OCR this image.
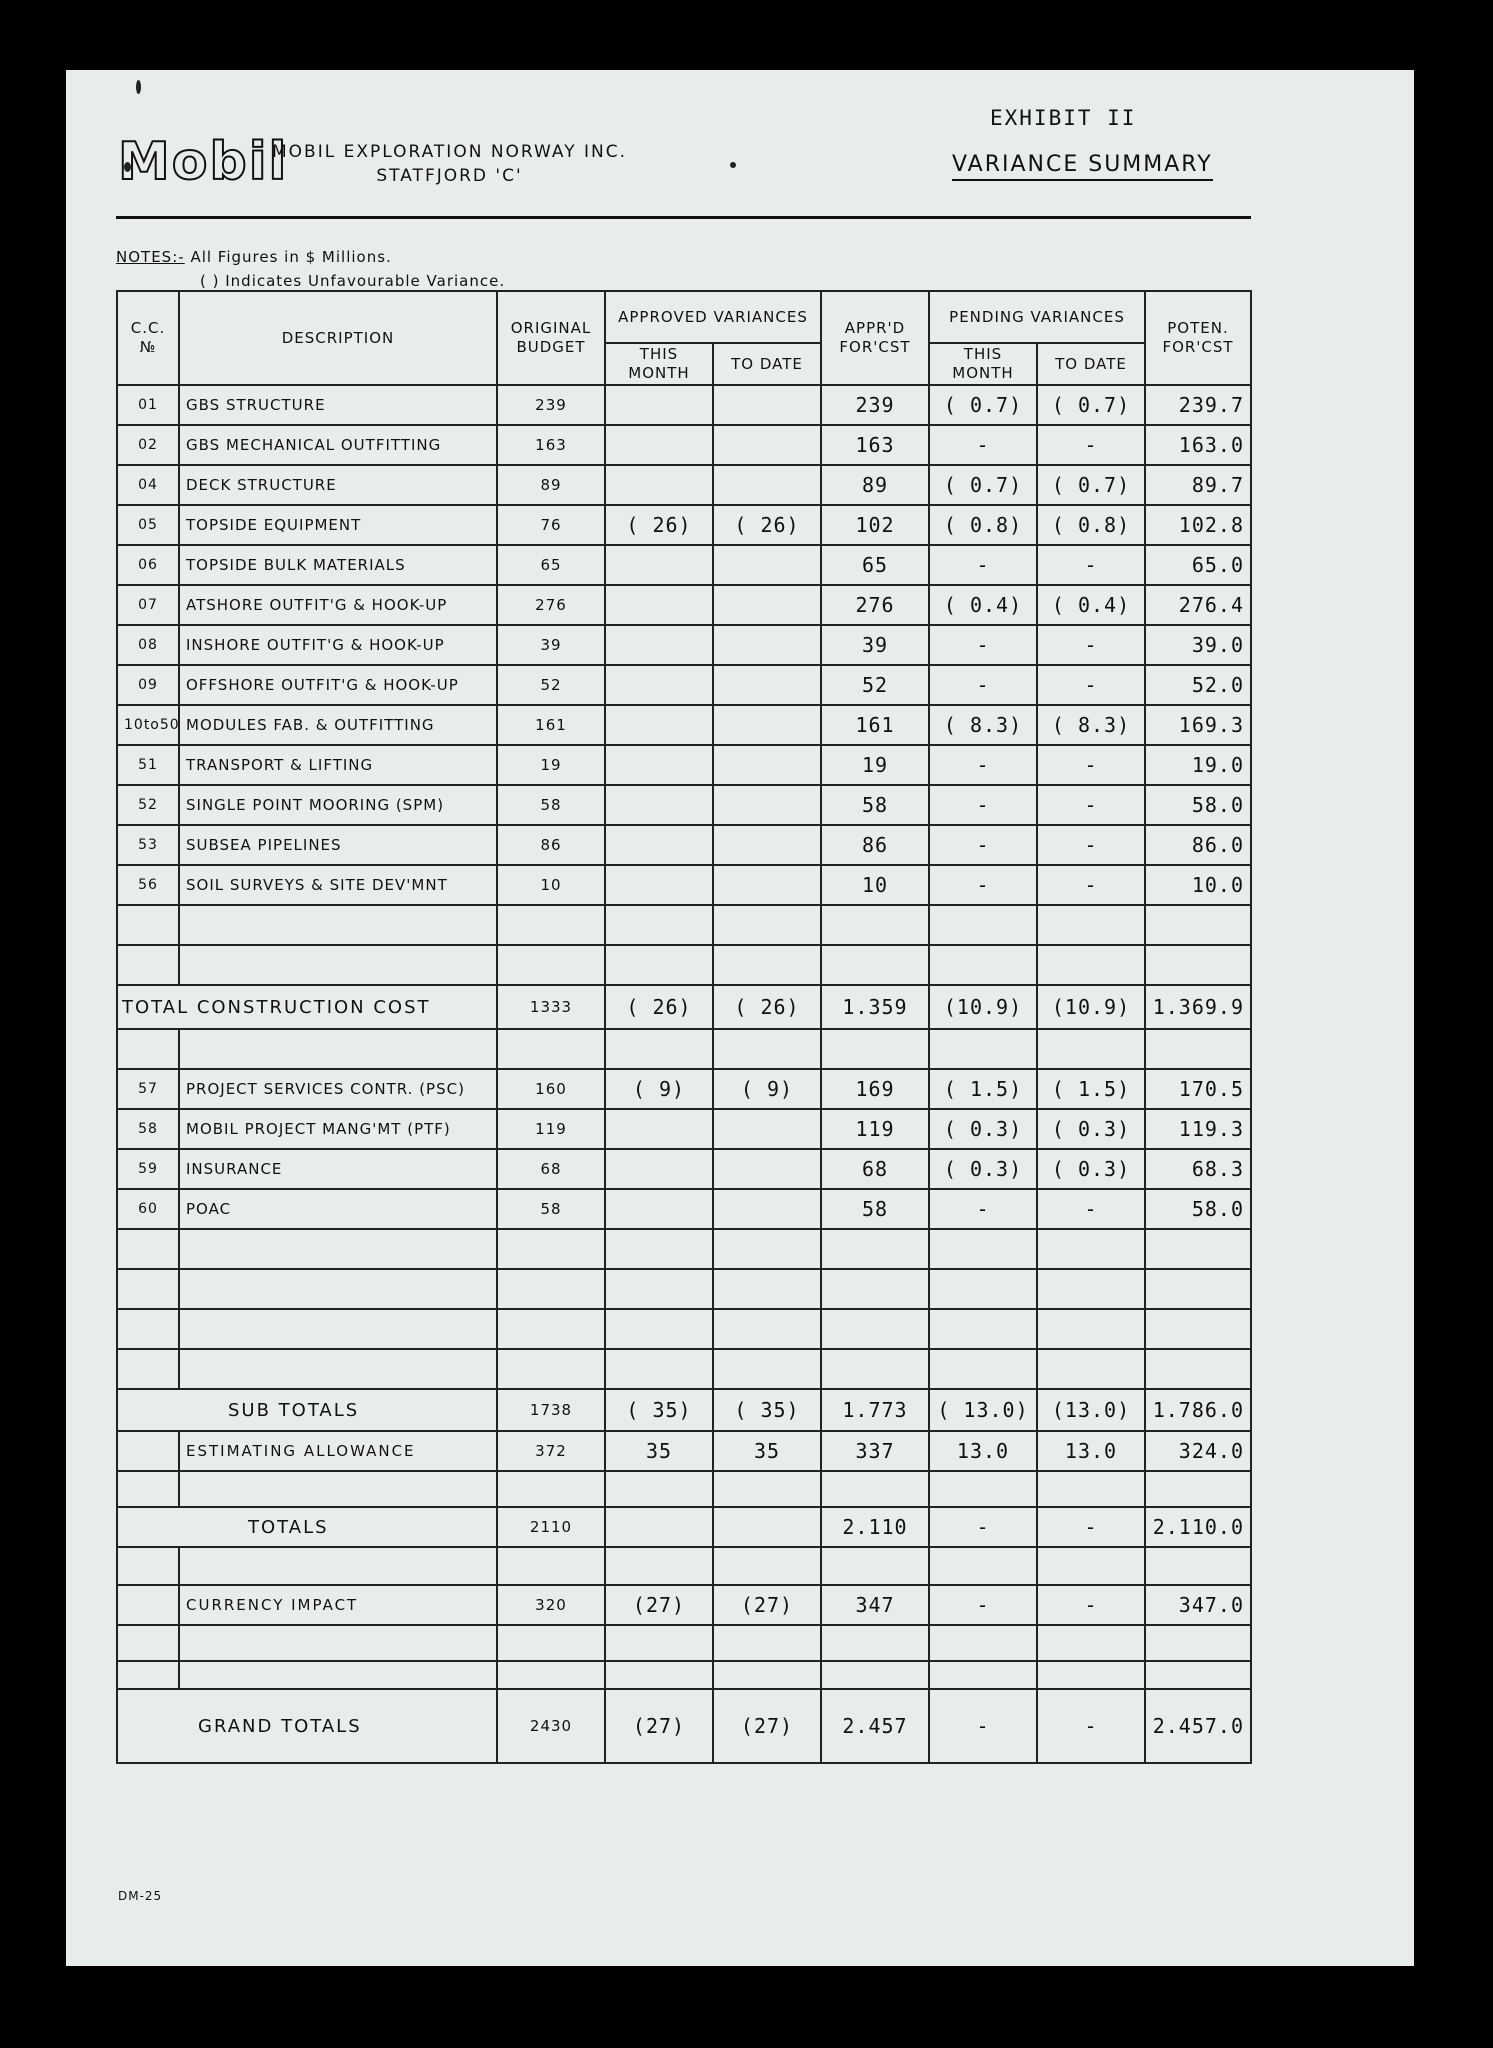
Mobil
MOBIL EXPLORATION NORWAY INC.
STATFJORD 'C'
EXHIBIT II
VARIANCE SUMMARY
NOTES:- All Figures in $ Millions.
( ) Indicates Unfavourable Variance.
C.C. №	DESCRIPTION	ORIGINAL BUDGET	APPROVED VARIANCES		APPR'D FOR'CST	PENDING VARIANCES		POTEN. FOR'CST
			THIS MONTH	TO DATE		THIS MONTH	TO DATE	
01	GBS STRUCTURE	239			239	( 0.7)	( 0.7)	239.7
02	GBS MECHANICAL OUTFITTING	163			163	-	-	163.0
04	DECK STRUCTURE	89			89	( 0.7)	( 0.7)	89.7
05	TOPSIDE EQUIPMENT	76	( 26)	( 26)	102	( 0.8)	( 0.8)	102.8
06	TOPSIDE BULK MATERIALS	65			65	-	-	65.0
07	ATSHORE OUTFIT'G & HOOK-UP	276			276	( 0.4)	( 0.4)	276.4
08	INSHORE OUTFIT'G & HOOK-UP	39			39	-	-	39.0
09	OFFSHORE OUTFIT'G & HOOK-UP	52			52	-	-	52.0
10to50	MODULES FAB. & OUTFITTING	161			161	( 8.3)	( 8.3)	169.3
51	TRANSPORT & LIFTING	19			19	-	-	19.0
52	SINGLE POINT MOORING (SPM)	58			58	-	-	58.0
53	SUBSEA PIPELINES	86			86	-	-	86.0
56	SOIL SURVEYS & SITE DEV'MNT	10			10	-	-	10.0

TOTAL CONSTRUCTION COST		1333	( 26)	( 26)	1.359	(10.9)	(10.9)	1.369.9

57	PROJECT SERVICES CONTR. (PSC)	160	( 9)	( 9)	169	( 1.5)	( 1.5)	170.5
58	MOBIL PROJECT MANG'MT (PTF)	119			119	( 0.3)	( 0.3)	119.3
59	INSURANCE	68			68	( 0.3)	( 0.3)	68.3
60	POAC	58			58	-	-	58.0

SUB TOTALS		1738	( 35)	( 35)	1.773	( 13.0)	(13.0)	1.786.0
	ESTIMATING ALLOWANCE	372	35	35	337	13.0	13.0	324.0

TOTALS		2110			2.110	-	-	2.110.0

	CURRENCY IMPACT	320	(27)	(27)	347	-	-	347.0

GRAND TOTALS		2430	(27)	(27)	2.457	-	-	2.457.0
DM-25
